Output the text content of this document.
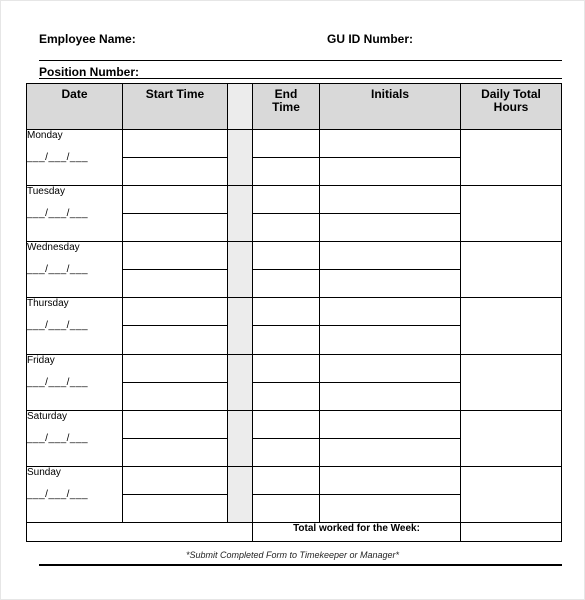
Employee Name:	GU ID Number:
Position Number:
Date	Start Time		End Time	Initials	Daily Total Hours

Monday
___/___/___					

Tuesday
___/___/___					

Wednesday
___/___/___					

Thursday
___/___/___					

Friday
___/___/___					

Saturday
___/___/___					

Sunday
___/___/___					

			Total worked for the Week:		
*Submit Completed Form to Timekeeper or Manager*
